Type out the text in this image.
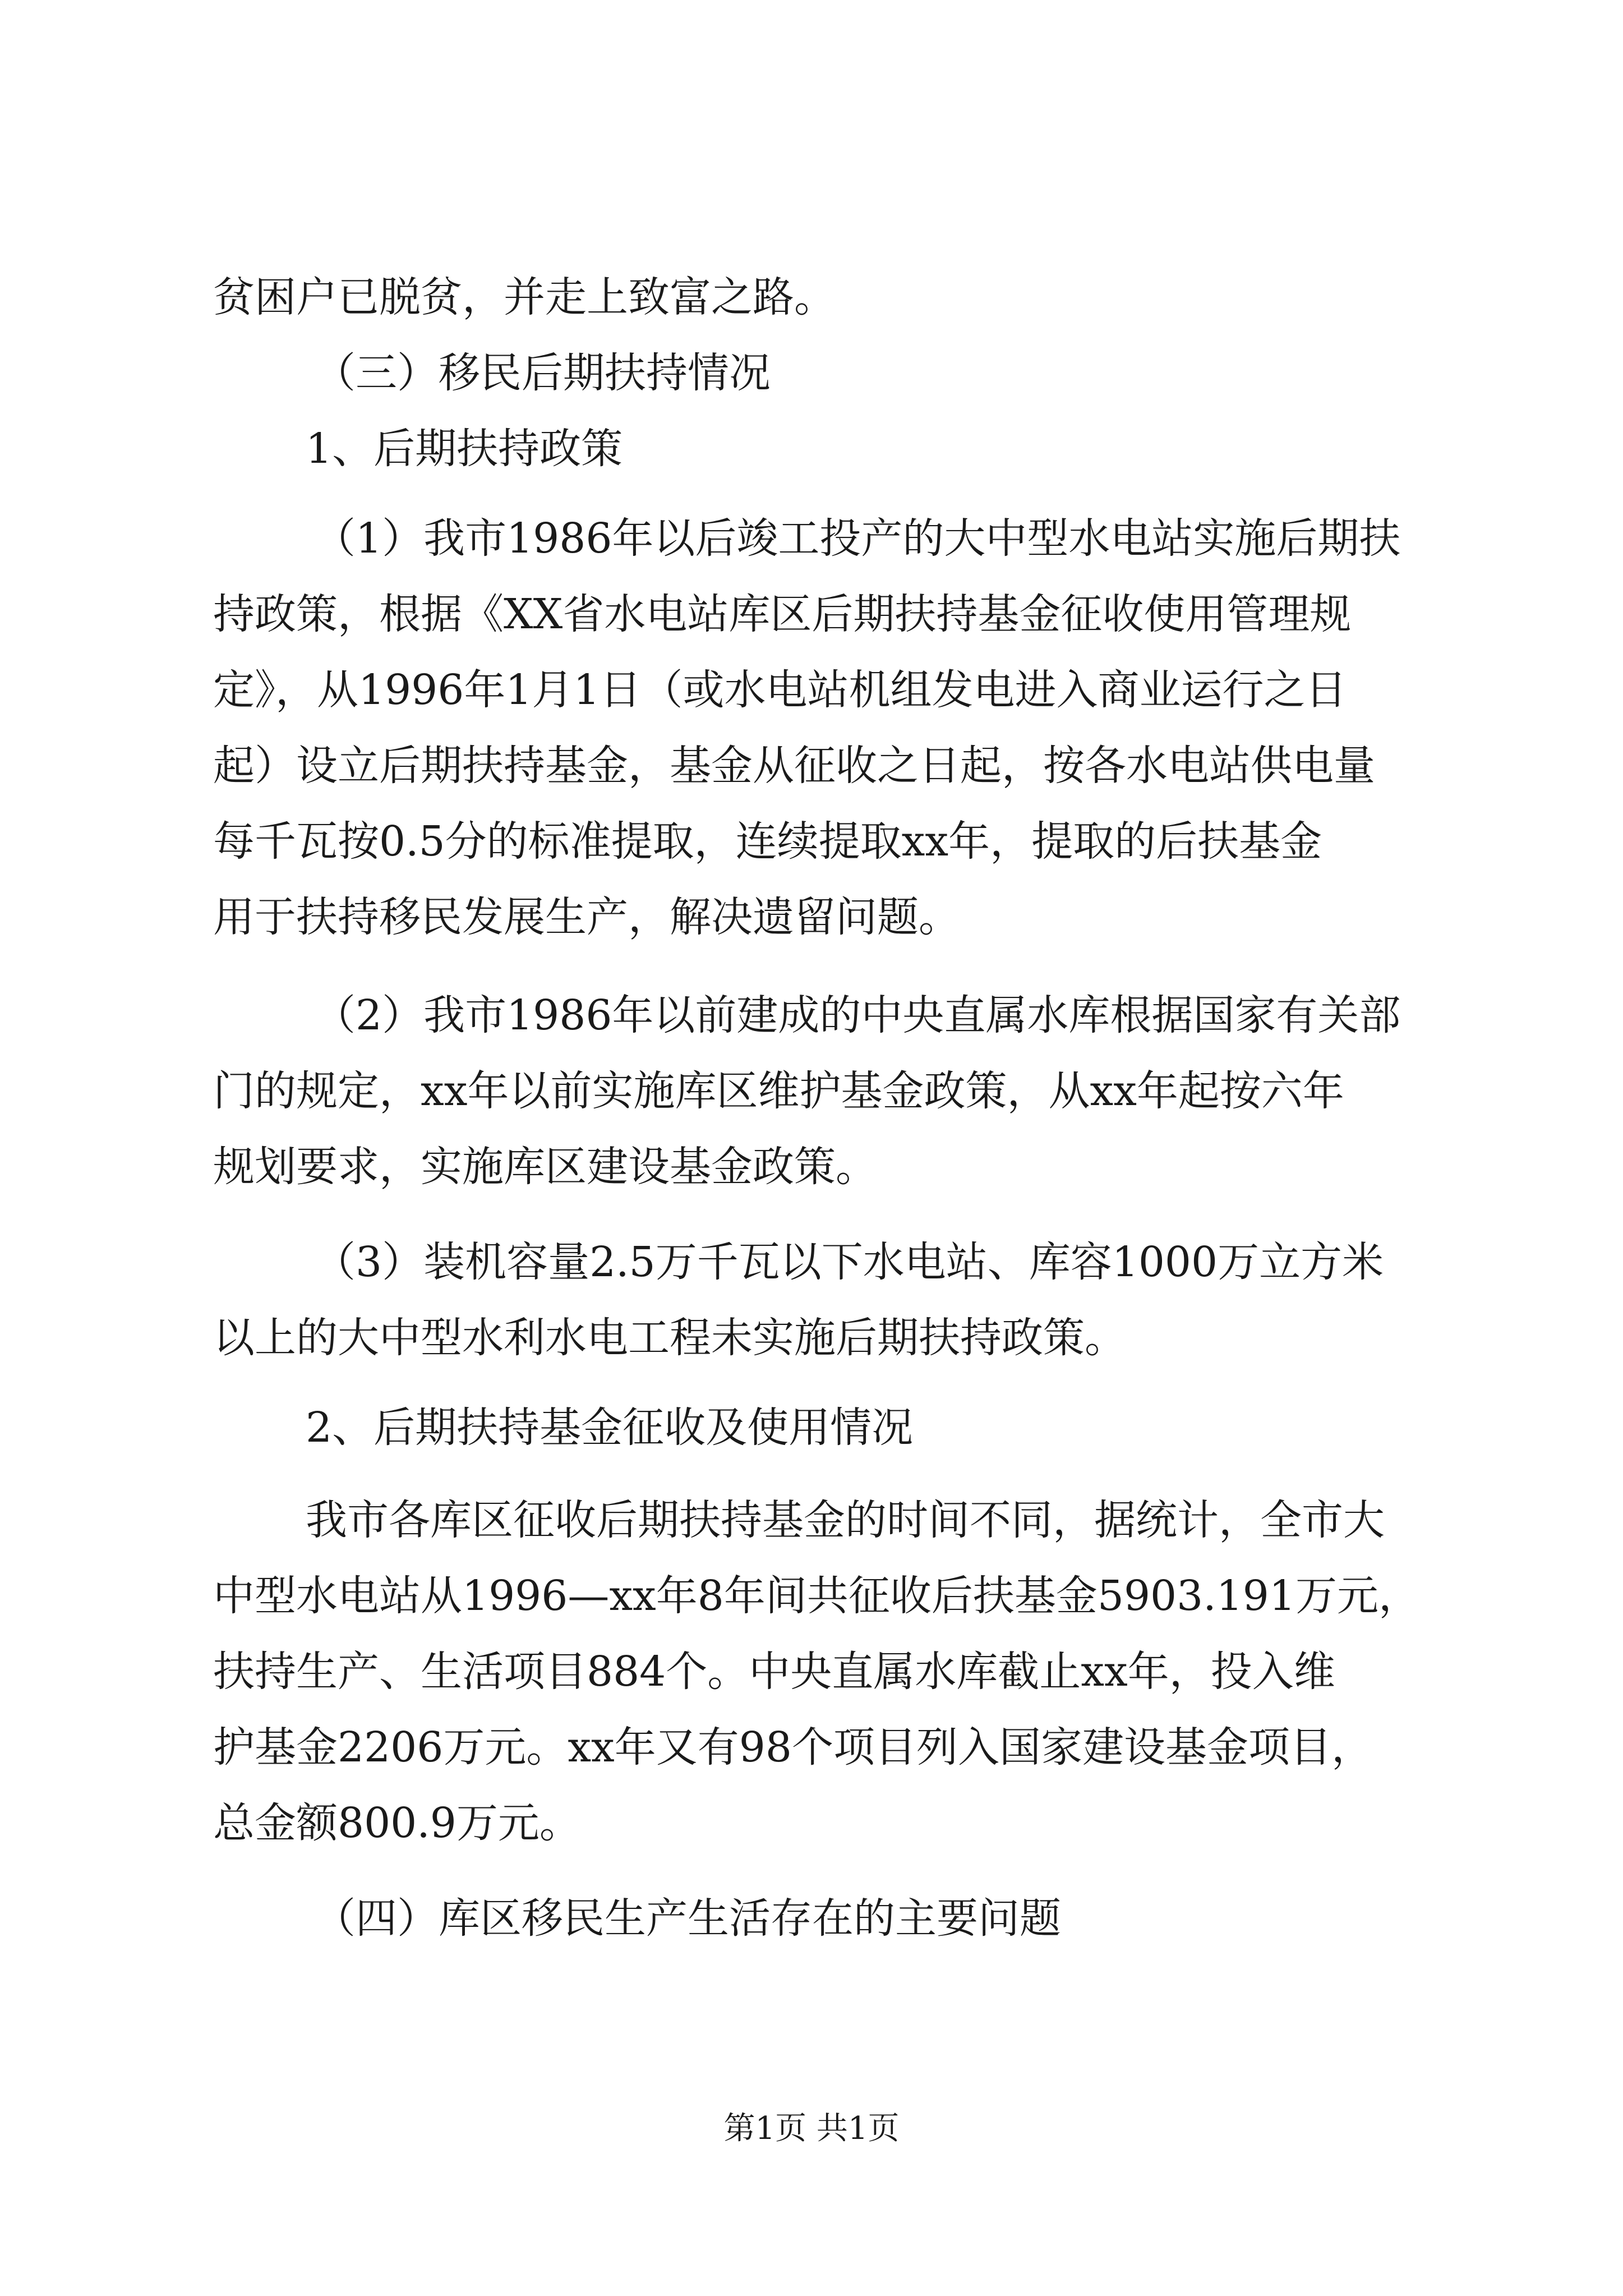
贫困户已脱贫，并走上致富之路。
（三）移民后期扶持情况
1、后期扶持政策
（1）我市1986年以后竣工投产的大中型水电站实施后期扶
持政策，根据《XX省水电站库区后期扶持基金征收使用管理规
定》，从1996年1月1日（或水电站机组发电进入商业运行之日
起）设立后期扶持基金，基金从征收之日起，按各水电站供电量
每千瓦按0.5分的标准提取，连续提取xx年，提取的后扶基金
用于扶持移民发展生产，解决遗留问题。
（2）我市1986年以前建成的中央直属水库根据国家有关部
门的规定，xx年以前实施库区维护基金政策，从xx年起按六年
规划要求，实施库区建设基金政策。
（3）装机容量2.5万千瓦以下水电站、库容1000万立方米
以上的大中型水利水电工程未实施后期扶持政策。
2、后期扶持基金征收及使用情况
我市各库区征收后期扶持基金的时间不同，据统计，全市大
中型水电站从1996—xx年8年间共征收后扶基金5903.191万元，
扶持生产、生活项目884个。中央直属水库截止xx年，投入维
护基金2206万元。xx年又有98个项目列入国家建设基金项目，
总金额800.9万元。
（四）库区移民生产生活存在的主要问题
第1页 共1页
